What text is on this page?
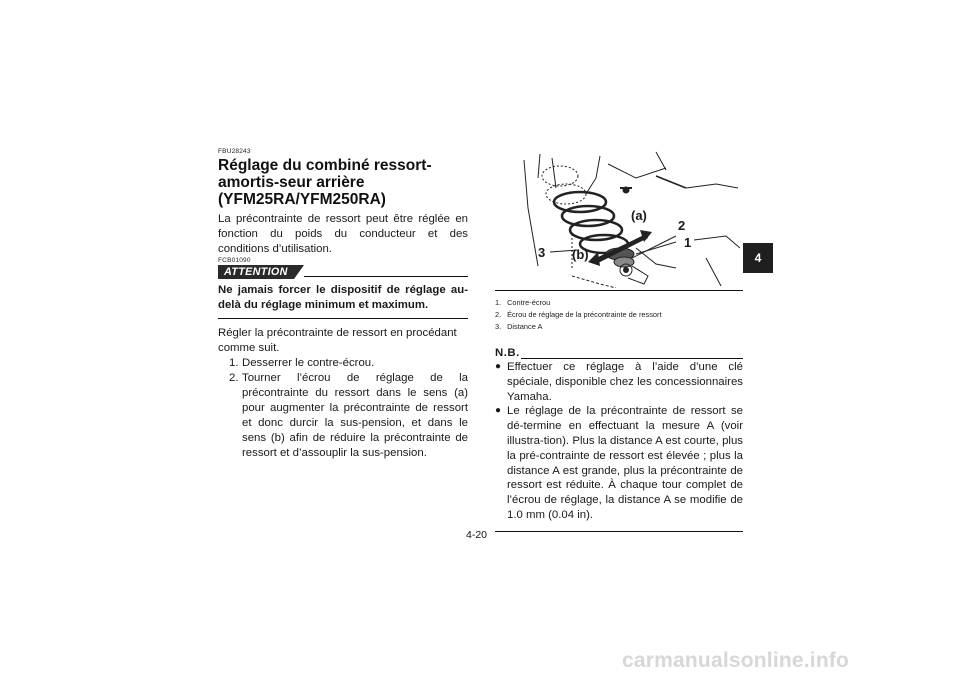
FBU28243
Réglage du combiné ressort-amortis-seur arrière (YFM25RA/YFM250RA)

La précontrainte de ressort peut être réglée en fonction du poids du conducteur et des conditions d’utilisation.

FCB01090
ATTENTION

Ne jamais forcer le dispositif de réglage au-delà du réglage minimum et maximum.

Régler la précontrainte de ressort en procédant comme suit.

1. Desserrer le contre-écrou.
2. Tourner l’écrou de réglage de la précontrainte du ressort dans le sens (a) pour augmenter la précontrainte de ressort et donc durcir la sus-pension, et dans le sens (b) afin de réduire la précontrainte de ressort et d’assouplir la sus-pension.
(a)
(b)
1
2
3
1. Contre-écrou
2. Écrou de réglage de la précontrainte de ressort
3. Distance A
N.B.
● Effectuer ce réglage à l’aide d’une clé spéciale, disponible chez les concessionnaires Yamaha.
● Le réglage de la précontrainte de ressort se dé-termine en effectuant la mesure A (voir illustra-tion). Plus la distance A est courte, plus la pré-contrainte de ressort est élevée ; plus la distance A est grande, plus la précontrainte de ressort est réduite. À chaque tour complet de l’écrou de réglage, la distance A se modifie de 1.0 mm (0.04 in).
4-20
4
carmanualsonline.info
